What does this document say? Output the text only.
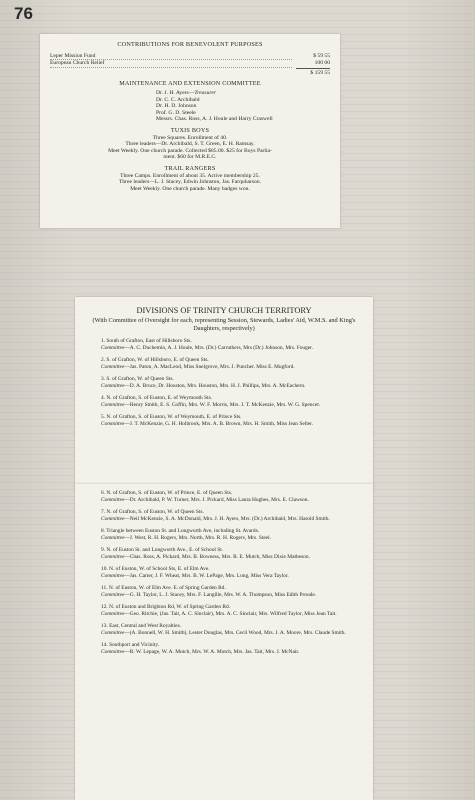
76

CONTRIBUTIONS FOR BENEVOLENT PURPOSES

Leper Mission Fund	$ 59 55
European Church Relief	100 00
$ 159 55

MAINTENANCE AND EXTENSION COMMITTEE

Dr. J. H. Ayers—Treasurer
Dr. C. C. Archibald
Dr. H. D. Johnson
Prof. G. D. Steele
Messrs. Chas. Ross, A. J. Houle and Harry Craswell

TUXIS BOYS

Three Squares. Enrollment of 40.
Three leaders—Dr. Archibald, S. T. Green, E. H. Ramsay.
Meet Weekly. One church parade. Collected $85.00. $25 for Boys Parlia-
ment. $60 for M.R.E.C.

TRAIL RANGERS

Three Camps. Enrollment of about 35. Active membership 25.
Three leaders—L. J. Stacey, Edwin Johnston, Jas. Farquharson.
Meet Weekly. One church parade. Many badges won.
DIVISIONS OF TRINITY CHURCH TERRITORY
(With Committee of Oversight for each, representing Session, Stewards, Ladies' Aid, W.M.S. and King's Daughters, respectively)
1. South of Grafton, East of Hillsboro Sts.
Committee—A. C. Duchemin, A. J. Houle, Mrs. (Dr.) Carruthers, Mrs (Dr.) Johnson, Mrs. Fouger.
2. S. of Grafton, W. of Hillsboro, E. of Queen Sts.
Committee—Jas. Paton, A. MacLeod, Miss Snelgrove, Mrs. J. Puncher. Miss E. Mugford.
3. S. of Grafton, W. of Queen Sts.
Committee—D. A. Bruce, Dr. Houston, Mrs. Houston, Mrs. H. J. Phillips, Mrs. A. McEachern.
4. N. of Grafton, S. of Euston, E. of Weymouth Sts.
Committee—Henry Smith, E. S. Coffin, Mrs. W. F. Morris, Mrs. J. T. McKenzie, Mrs. W. G. Spencer.
5. N. of Grafton, S. of Euston, W. of Weymouth, E. of Prince Sts.
Committee—J. T. McKenzie, G. H. Holbrook, Mrs. A. B. Brown, Mrs. H. Smith, Miss Jean Seller.
6. N. of Grafton, S. of Euston, W. of Prince, E. of Queen Sts.
Committee—Dr. Archibald, P. W. Turner, Mrs. J. Pickard, Miss Laura Hughes, Mrs. E. Clawson.
7. N. of Grafton, S. of Euston, W. of Queen Sts.
Committee—Neil McKenzie, S. A. McDonald, Mrs. J. H. Ayers, Mrs. (Dr.) Archibald, Mrs. Harold Smith.
8. Triangle between Euston St. and Longworth Ave, including St. Avards.
Committee—J. West, R. H. Rogers, Mrs. North, Mrs. R. H. Rogers, Mrs. Steel.
9. N. of Euston St. and Longworth Ave., E. of School St.
Committee—Chas. Ross, A. Pickard, Mrs. B. Bowness, Mrs. R. E. Mutch, Miss Dixie Matheson.
10. N. of Euston, W. of School Sts, E. of Elm Ave.
Committee—Jas. Carter, J. F. Wheat, Mrs. B. W. LePage, Mrs. Long, Miss Vera Taylor.
11. N. of Euston, W. of Elm Ave. E. of Spring Garden Rd.
Committee—G. H. Taylor, L. J. Stacey, Mrs. F. Langille, Mrs. W. A. Thompson, Miss Edith Proude.
12. N. of Euston and Brighton Rd, W. of Spring Garden Rd.
Committee—Geo. Ritchie, (Jas. Tait, A. C. Sinclair), Mrs. A. C. Sinclair, Mrs. Wilfred Taylor, Miss Jean Tait.
13. East, Central and West Royalties.
Committee—(A. Bonnell, W. H. Smith), Lester Douglas, Mrs. Cecil Wood, Mrs. J. A. Moore, Mrs. Claude Smith.
14. Southport and Vicinity.
Committee—B. W. Lepage, W. A. Mutch, Mrs. W. A. Mutch, Mrs. Jas. Tait, Mrs. J. McNair.
